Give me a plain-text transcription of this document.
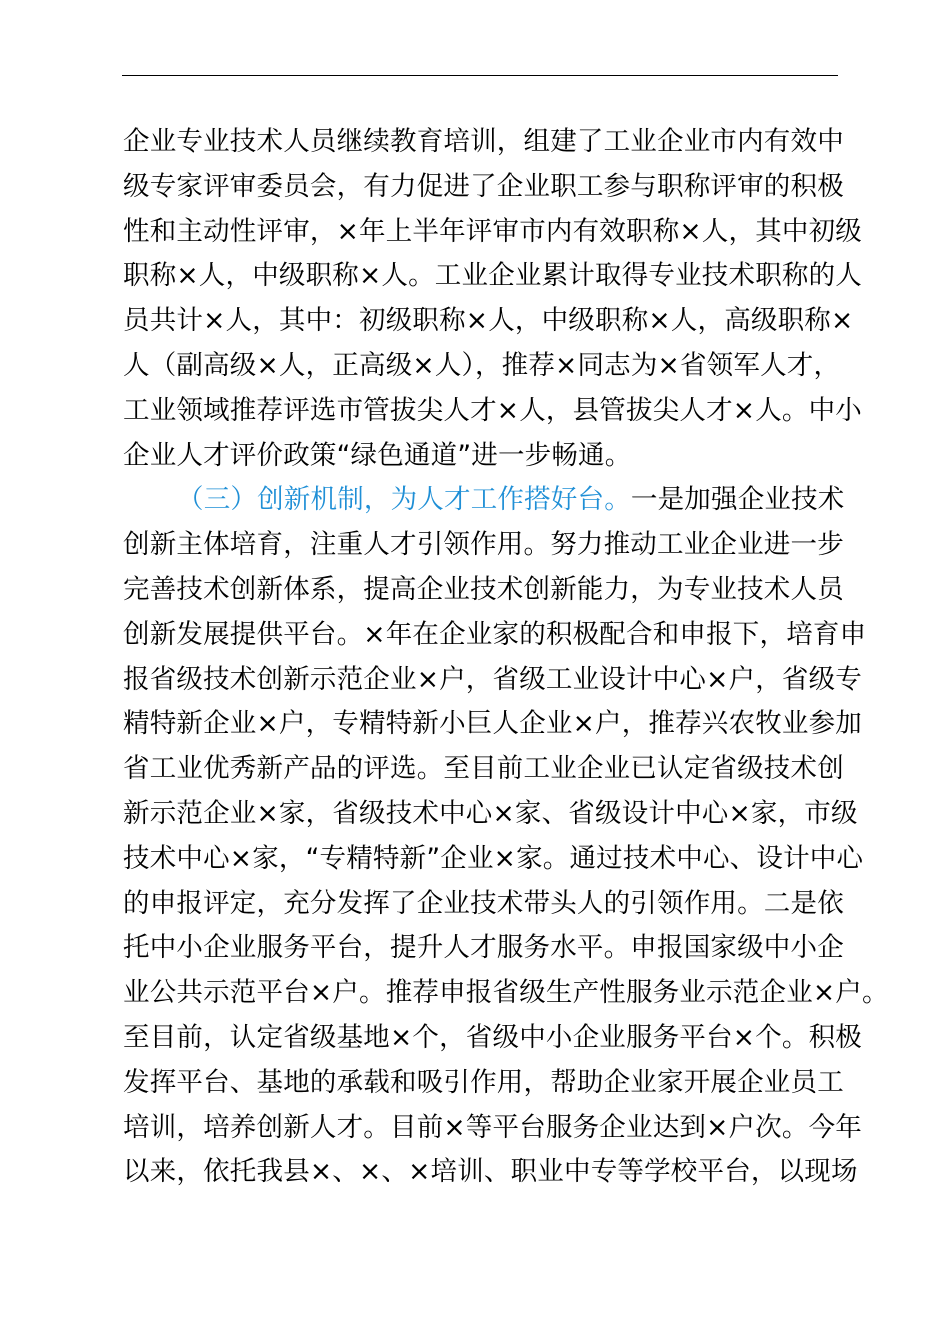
企业专业技术人员继续教育培训，组建了工业企业市内有效中
级专家评审委员会，有力促进了企业职工参与职称评审的积极
性和主动性评审，×年上半年评审市内有效职称×人，其中初级
职称×人，中级职称×人。工业企业累计取得专业技术职称的人
员共计×人，其中：初级职称×人，中级职称×人，高级职称×
人（副高级×人，正高级×人），推荐×同志为×省领军人才，
工业领域推荐评选市管拔尖人才×人，县管拔尖人才×人。中小
企业人才评价政策“绿色通道”进一步畅通。
（三）创新机制，为人才工作搭好台。一是加强企业技术
创新主体培育，注重人才引领作用。努力推动工业企业进一步
完善技术创新体系，提高企业技术创新能力，为专业技术人员
创新发展提供平台。×年在企业家的积极配合和申报下，培育申
报省级技术创新示范企业×户，省级工业设计中心×户，省级专
精特新企业×户，专精特新小巨人企业×户，推荐兴农牧业参加
省工业优秀新产品的评选。至目前工业企业已认定省级技术创
新示范企业×家，省级技术中心×家、省级设计中心×家，市级
技术中心×家，“专精特新”企业×家。通过技术中心、设计中心
的申报评定，充分发挥了企业技术带头人的引领作用。二是依
托中小企业服务平台，提升人才服务水平。申报国家级中小企
业公共示范平台×户。推荐申报省级生产性服务业示范企业×户。
至目前，认定省级基地×个，省级中小企业服务平台×个。积极
发挥平台、基地的承载和吸引作用，帮助企业家开展企业员工
培训，培养创新人才。目前×等平台服务企业达到×户次。今年
以来，依托我县×、×、×培训、职业中专等学校平台，以现场
